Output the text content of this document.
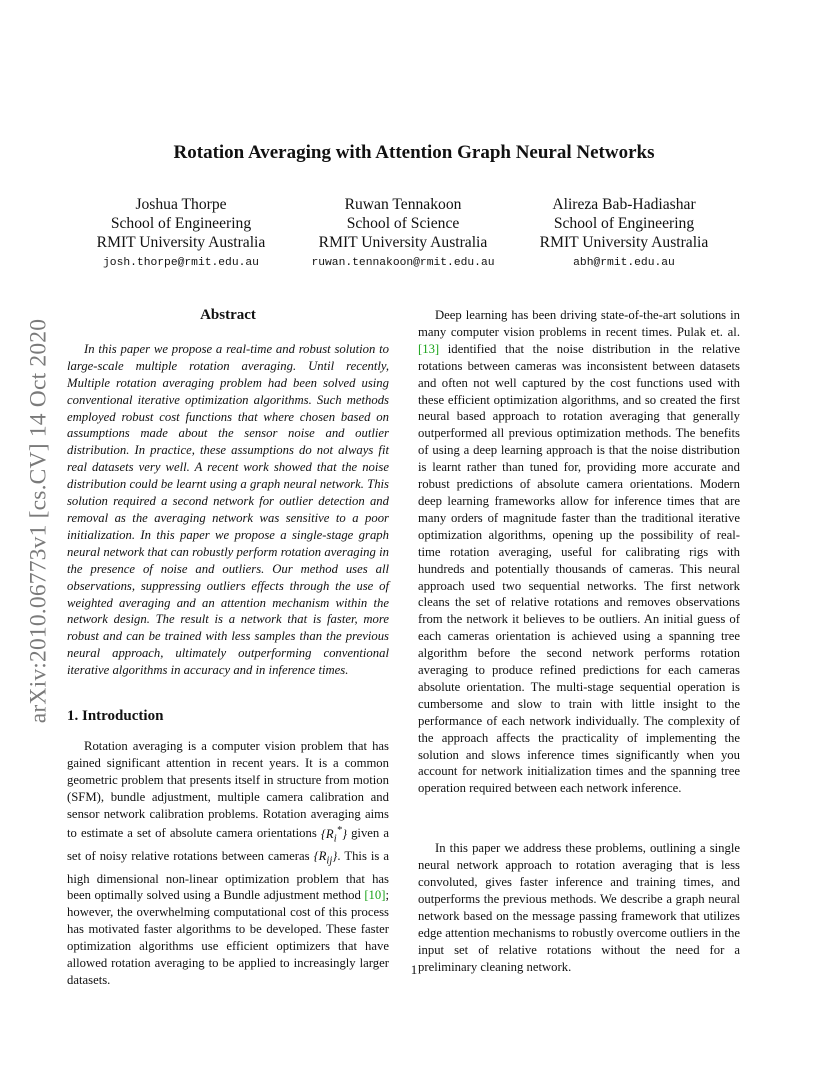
Rotation Averaging with Attention Graph Neural Networks
Joshua Thorpe
School of Engineering
RMIT University Australia
josh.thorpe@rmit.edu.au
Ruwan Tennakoon
School of Science
RMIT University Australia
ruwan.tennakoon@rmit.edu.au
Alireza Bab-Hadiashar
School of Engineering
RMIT University Australia
abh@rmit.edu.au
arXiv:2010.06773v1 [cs.CV] 14 Oct 2020
Abstract

In this paper we propose a real-time and robust solution to large-scale multiple rotation averaging. Until recently, Multiple rotation averaging problem had been solved using conventional iterative optimization algorithms. Such methods employed robust cost functions that where chosen based on assumptions made about the sensor noise and outlier distribution. In practice, these assumptions do not always fit real datasets very well. A recent work showed that the noise distribution could be learnt using a graph neural network. This solution required a second network for outlier detection and removal as the averaging network was sensitive to a poor initialization. In this paper we propose a single-stage graph neural network that can robustly perform rotation averaging in the presence of noise and outliers. Our method uses all observations, suppressing outliers effects through the use of weighted averaging and an attention mechanism within the network design. The result is a network that is faster, more robust and can be trained with less samples than the previous neural approach, ultimately outperforming conventional iterative algorithms in accuracy and in inference times.

1. Introduction

Rotation averaging is a computer vision problem that has gained significant attention in recent years. It is a common geometric problem that presents itself in structure from motion (SFM), bundle adjustment, multiple camera calibration and sensor network calibration problems. Rotation averaging aims to estimate a set of absolute camera orientations $\{R_i^*\}$ given a set of noisy relative rotations between cameras $\{R_{ij}\}$. This is a high dimensional non-linear optimization problem that has been optimally solved using a Bundle adjustment method [10]; however, the overwhelming computational cost of this process has motivated faster algorithms to be developed. These faster optimization algorithms use efficient optimizers that have allowed rotation averaging to be applied to increasingly larger datasets.

Deep learning has been driving state-of-the-art solutions in many computer vision problems in recent times. Pulak et. al. [13] identified that the noise distribution in the relative rotations between cameras was inconsistent between datasets and often not well captured by the cost functions used with these efficient optimization algorithms, and so created the first neural based approach to rotation averaging that generally outperformed all previous optimization methods. The benefits of using a deep learning approach is that the noise distribution is learnt rather than tuned for, providing more accurate and robust predictions of absolute camera orientations. Modern deep learning frameworks allow for inference times that are many orders of magnitude faster than the traditional iterative optimization algorithms, opening up the possibility of real-time rotation averaging, useful for calibrating rigs with hundreds and potentially thousands of cameras. This neural approach used two sequential networks. The first network cleans the set of relative rotations and removes observations from the network it believes to be outliers. An initial guess of each cameras orientation is achieved using a spanning tree algorithm before the second network performs rotation averaging to produce refined predictions for each cameras absolute orientation. The multi-stage sequential operation is cumbersome and slow to train with little insight to the performance of each network individually. The complexity of the approach affects the practicality of implementing the solution and slows inference times significantly when you account for network initialization times and the spanning tree operation required between each network inference.

In this paper we address these problems, outlining a single neural network approach to rotation averaging that is less convoluted, gives faster inference and training times, and outperforms the previous methods. We describe a graph neural network based on the message passing framework that utilizes edge attention mechanisms to robustly overcome outliers in the input set of relative rotations without the need for a preliminary cleaning network.

1
